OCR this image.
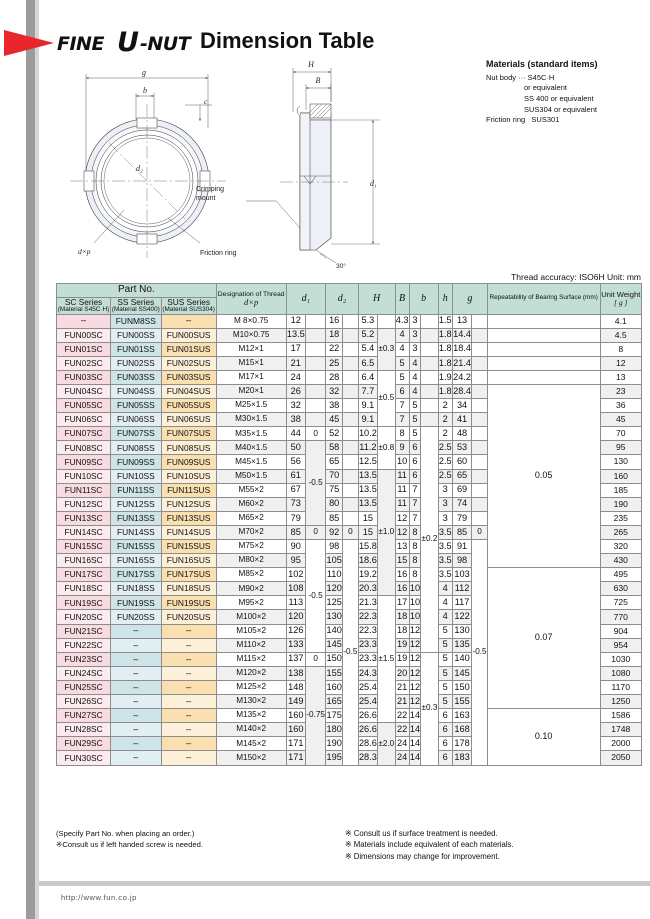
FINE U -NUT Dimension Table
g
b
c
d₂
d×p
H
B
d₁
Friction ring
Crimping
mount
30°
Materials (standard items)
Nut body ··· S45C·H
or equivalent
SS 400 or equivalent
SUS304 or equivalent
Friction ring   SUS301
Thread accuracy: ISO6H Unit: mm
Part No.			Designation of Thread
d×p	d₁		d₂		H		B	b		h	g		Repeatability of Bearing Surface (mm)	Unit Weight
[ g ]
SC Series
(Material S45C·H)	SS Series
(Material SS400)	SUS Series
(Material SUS304)															

–	FUNM8SS	–	M 8×0.75	12		16		5.3		4.3	3		1.5	13			4.1
FUN00SC	FUN00SS	FUN00SUS	M10×0.75	13.5		18		5.2	±0.3	4	3		1.8	14.4			4.5
FUN01SC	FUN01SS	FUN01SUS	M12×1	17		22		5.4		4	3		1.8	18.4			8
FUN02SC	FUN02SS	FUN02SUS	M15×1	21		25		6.5		5	4		1.8	21.4			12
FUN03SC	FUN03SS	FUN03SUS	M17×1	24		28		6.4	±0.5	5	4		1.9	24.2			13
FUN04SC	FUN04SS	FUN04SUS	M20×1	26		32		7.7		6	4		1.8	28.4		0.05	23
FUN05SC	FUN05SS	FUN05SUS	M25×1.5	32		38		9.1		7	5		2	34			36
FUN06SC	FUN06SS	FUN06SUS	M30×1.5	38		45		9.1		7	5		2	41			45
FUN07SC	FUN07SS	FUN07SUS	M35×1.5	44	0	52		10.2	±0.8	8	5	±0.2	2	48			70
FUN08SC	FUN08SS	FUN08SUS	M40×1.5	50	-0.5	58		11.2		9	6		2.5	53			95
FUN09SC	FUN09SS	FUN09SUS	M45×1.5	56		65		12.5		10	6		2.5	60			130
FUN10SC	FUN10SS	FUN10SUS	M50×1.5	61		70		13.5	±1.0	11	6		2.5	65			160
FUN11SC	FUN11SS	FUN11SUS	M55×2	67		75		13.5		11	7		3	69			185
FUN12SC	FUN12SS	FUN12SUS	M60×2	73		80		13.5		11	7		3	74			190
FUN13SC	FUN13SS	FUN13SUS	M65×2	79		85		15		12	7		3	79			235
FUN14SC	FUN14SS	FUN14SUS	M70×2	85	0	92	0	15		12	8		3.5	85	0		265
FUN15SC	FUN15SS	FUN15SUS	M75×2	90	-0.5	98	-0.5	15.8		13	8		3.5	91	-0.5		320
FUN16SC	FUN16SS	FUN16SUS	M80×2	95		105		18.6		15	8		3.5	98			430
FUN17SC	FUN17SS	FUN17SUS	M85×2	102		110		19.2		16	8		3.5	103		0.07	495
FUN18SC	FUN18SS	FUN18SUS	M90×2	108		120		20.3		16	10		4	112			630
FUN19SC	FUN19SS	FUN19SUS	M95×2	113		125		21.3	±1.5	17	10		4	117			725
FUN20SC	FUN20SS	FUN20SUS	M100×2	120		130		22.3		18	10		4	122			770
FUN21SC	–	–	M105×2	126		140		22.3		18	12		5	130			904
FUN22SC	–	–	M110×2	133		145		23.3		19	12		5	135			954
FUN23SC	–	–	M115×2	137	0	150		23.3		19	12	±0.3	5	140			1030
FUN24SC	–	–	M120×2	138	-0.75	155		24.3		20	12		5	145			1080
FUN25SC	–	–	M125×2	148		160		25.4		21	12		5	150			1170
FUN26SC	–	–	M130×2	149		165		25.4		21	12		5	155			1250
FUN27SC	–	–	M135×2	160		175		26.6		22	14		6	163		0.10	1586
FUN28SC	–	–	M140×2	160		180		26.6	±2.0	22	14		6	168			1748
FUN29SC	–	–	M145×2	171		190		28.6		24	14		6	178			2000
FUN30SC	–	–	M150×2	171		195		28.3		24	14		6	183			2050
(Specify Part No. when placing an order.)
※Consult us if left handed screw is needed.
※ Consult us if surface treatment is needed.
※ Materials include equivalent of each materials.
※ Dimensions may change for improvement.
http://www.fun.co.jp
